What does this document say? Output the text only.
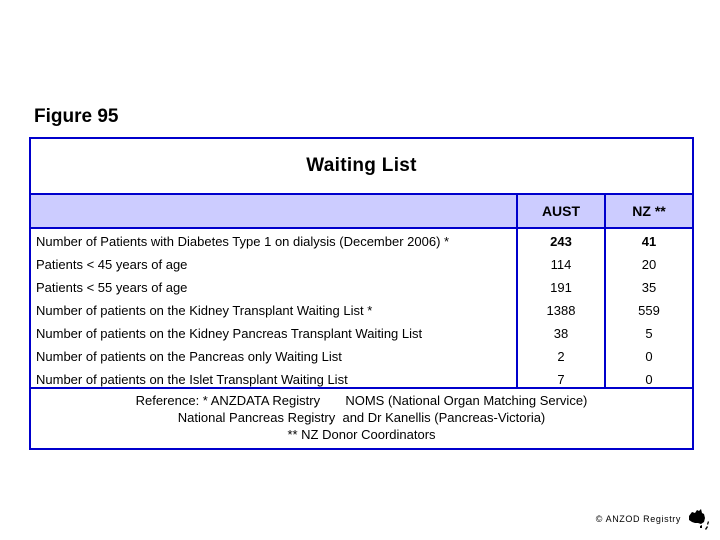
Figure 95
Waiting List
AUST	NZ **
Number of Patients with Diabetes Type 1 on dialysis (December 2006) *	243	41
Patients < 45 years of age	114	20
Patients < 55 years of age	191	35
Number of patients on the Kidney Transplant Waiting List *	1388	559
Number of patients on the Kidney Pancreas Transplant Waiting List	38	5
Number of patients on the Pancreas only Waiting List	2	0
Number of patients on the Islet Transplant Waiting List	7	0
Reference: * ANZDATA Registry       NOMS (National Organ Matching Service)
National Pancreas Registry  and Dr Kanellis (Pancreas-Victoria)
** NZ Donor Coordinators
© ANZOD Registry
